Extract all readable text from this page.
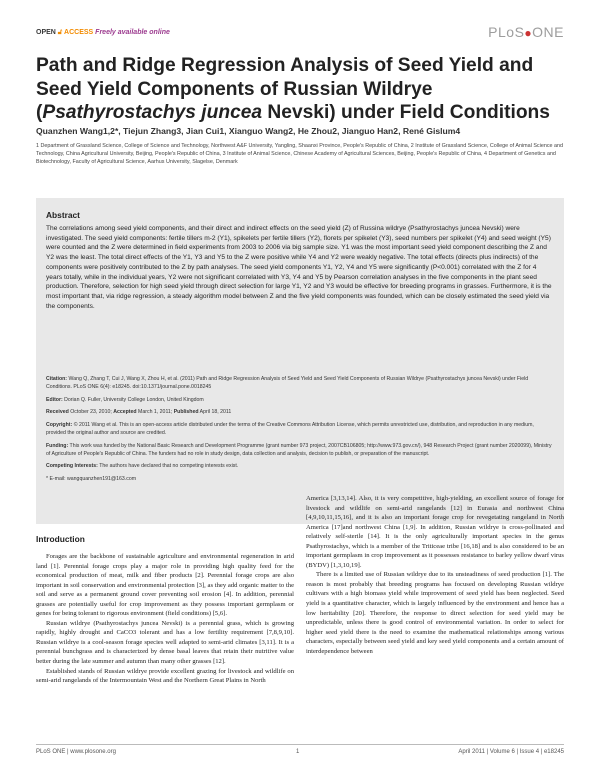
OPEN 🔓︎ ACCESS Freely available online	PLoS●ONE
Path and Ridge Regression Analysis of Seed Yield and Seed Yield Components of Russian Wildrye (Psathyrostachys juncea Nevski) under Field Conditions
Quanzhen Wang1,2*, Tiejun Zhang3, Jian Cui1, Xianguo Wang2, He Zhou2, Jianguo Han2, René Gislum4
1 Department of Grassland Science, College of Science and Technology, Northwest A&F University, Yangling, Shaanxi Province, People's Republic of China, 2 Institute of Grassland Science, College of Animal Science and Technology, China Agricultural University, Beijing, People's Republic of China, 3 Institute of Animal Science, Chinese Academy of Agricultural Sciences, Beijing, People's Republic of China, 4 Department of Genetics and Biotechnology, Faculty of Agricultural Science, Aarhus University, Slagelse, Denmark
Abstract
The correlations among seed yield components, and their direct and indirect effects on the seed yield (Z) of Russina wildrye (Psathyrostachys juncea Nevski) were investigated. The seed yield components: fertile tillers m-2 (Y1), spikelets per fertile tillers (Y2), florets per spikelet (Y3), seed numbers per spikelet (Y4) and seed weight (Y5) were counted and the Z were determined in field experiments from 2003 to 2006 via big sample size. Y1 was the most important seed yield component describing the Z and Y2 was the least. The total direct effects of the Y1, Y3 and Y5 to the Z were positive while Y4 and Y2 were weakly negative. The total effects (directs plus indirects) of the components were positively contributed to the Z by path analyses. The seed yield components Y1, Y2, Y4 and Y5 were significantly (P<0.001) correlated with the Z for 4 years totally, while in the individual years, Y2 were not significant correlated with Y3, Y4 and Y5 by Pearson correlation analyses in the five components in the plant seed production. Therefore, selection for high seed yield through direct selection for large Y1, Y2 and Y3 would be effective for breeding programs in grasses. Furthermore, it is the most important that, via ridge regression, a steady algorithm model between Z and the five yield components was founded, which can be closely estimated the seed yield via the components.

Citation: Wang Q, Zhang T, Cui J, Wang X, Zhou H, et al. (2011) Path and Ridge Regression Analysis of Seed Yield and Seed Yield Components of Russian Wildrye (Psathyrostachys juncea Nevski) under Field Conditions. PLoS ONE 6(4): e18245. doi:10.1371/journal.pone.0018245

Editor: Dorian Q. Fuller, University College London, United Kingdom

Received October 23, 2010; Accepted March 1, 2011; Published April 18, 2011

Copyright: © 2011 Wang et al. This is an open-access article distributed under the terms of the Creative Commons Attribution License, which permits unrestricted use, distribution, and reproduction in any medium, provided the original author and source are credited.

Funding: This work was funded by the National Basic Research and Development Programme (grant number 973 project, 2007CB106805; http://www.973.gov.cn/), 948 Research Project (grant number 2020099), Ministry of Agriculture of People's Republic of China. The funders had no role in study design, data collection and analysis, decision to publish, or preparation of the manuscript.

Competing Interests: The authors have declared that no competing interests exist.

* E-mail: wangquanzhen191@163.com

Introduction

Forages are the backbone of sustainable agriculture and environmental regeneration in arid land [1]. Perennial forage crops play a major role in providing high quality feed for the economical production of meat, milk and fiber products [2]. Perennial forage crops are also important in soil conservation and environmental protection [3], as they add organic matter to the soil and serve as a permanent ground cover preventing soil erosion [4]. In addition, perennial grasses are potentially useful for crop improvement as they possess important germplasm or genes for being tolerant to rigorous environment (field conditions) [5,6].

Russian wildrye (Psathyrostachys juncea Nevski) is a perennial grass, which is growing rapidly, highly drought and CaCO3 tolerant and has a low fertility requirement [7,8,9,10]. Russian wildrye is a cool-season forage species well adapted to semi-arid climates [3,11]. It is a perennial bunchgrass and is characterized by dense basal leaves that retain their nutritive value better during the late summer and autumn than many other grasses [12].

Established stands of Russian wildrye provide excellent grazing for livestock and wildlife on semi-arid rangelands of the Intermountain West and the Northern Great Plains in North

America [3,13,14]. Also, it is very competitive, high-yielding, an excellent source of forage for livestock and wildlife on semi-arid rangelands [12] in Eurasia and northwest China [4,9,10,11,15,16], and it is also an important forage crop for revegetating rangeland in North America [17]and northwest China [1,9]. In addition, Russian wildrye is cross-pollinated and relatively self-sterile [14]. It is the only agriculturally important species in the genus Psathyrostachys, which is a member of the Triticeae tribe [16,18] and is also considered to be an important germplasm in crop improvement as it possesses resistance to barley yellow dwarf virus (BYDV) [1,3,10,19].

There is a limited use of Russian wildrye due to its unsteadiness of seed production [1]. The reason is most probably that breeding programs has focused on developing Russian wildrye cultivars with a high biomass yield while improvement of seed yield has been neglected. Seed yield is a quantitative character, which is largely influenced by the environment and hence has a low heritability [20]. Therefore, the response to direct selection for seed yield may be unpredictable, unless there is good control of environmental variation. In order to select for higher seed yield there is the need to examine the mathematical relationships among various characters, especially between seed yield and key seed yield components and a certain amount of interdependence between

PLoS ONE | www.plosone.org	1	April 2011 | Volume 6 | Issue 4 | e18245
